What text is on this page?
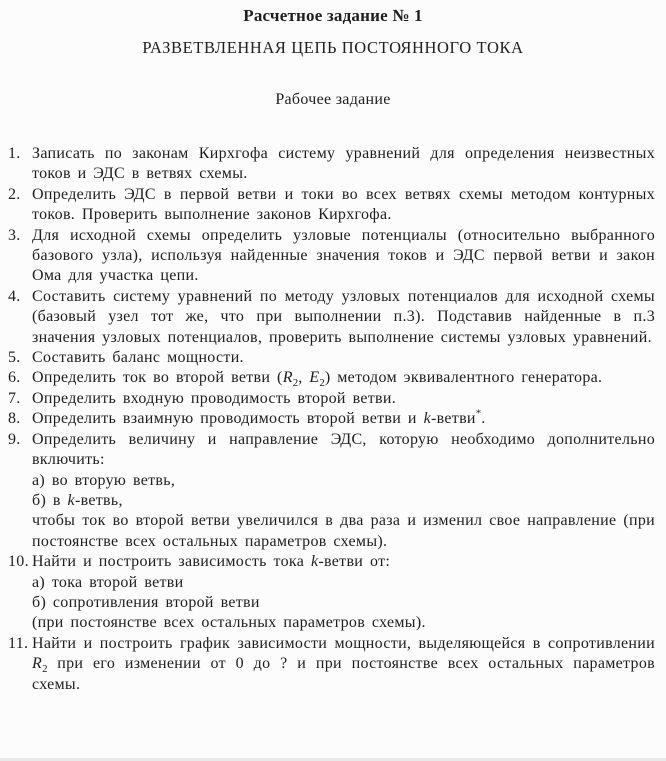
Расчетное задание № 1
РАЗВЕТВЛЕННАЯ ЦЕПЬ ПОСТОЯННОГО ТОКА
Рабочее задание
1. Записать по законам Кирхгофа систему уравнений для определения неизвестных токов и ЭДС в ветвях схемы.
2. Определить ЭДС в первой ветви и токи во всех ветвях схемы методом контурных токов. Проверить выполнение законов Кирхгофа.
3. Для исходной схемы определить узловые потенциалы (относительно выбранного базового узла), используя найденные значения токов и ЭДС первой ветви и закон Ома для участка цепи.
4. Составить систему уравнений по методу узловых потенциалов для исходной схемы (базовый узел тот же, что при выполнении п.3). Подставив найденные в п.3 значения узловых потенциалов, проверить выполнение системы узловых уравнений.
5. Составить баланс мощности.
6. Определить ток во второй ветви ($R_2$, $E_2$) методом эквивалентного генератора.
7. Определить входную проводимость второй ветви.
8. Определить взаимную проводимость второй ветви и k-ветви*.
9. Определить величину и направление ЭДС, которую необходимо дополнительно включить:
а) во вторую ветвь,
б) в k-ветвь,
чтобы ток во второй ветви увеличился в два раза и изменил свое направление (при постоянстве всех остальных параметров схемы).
10. Найти и построить зависимость тока k-ветви от:
а) тока второй ветви
б) сопротивления второй ветви
(при постоянстве всех остальных параметров схемы).
11. Найти и построить график зависимости мощности, выделяющейся в сопротивлении $R_2$ при его изменении от 0 до ? и при постоянстве всех остальных параметров схемы.
